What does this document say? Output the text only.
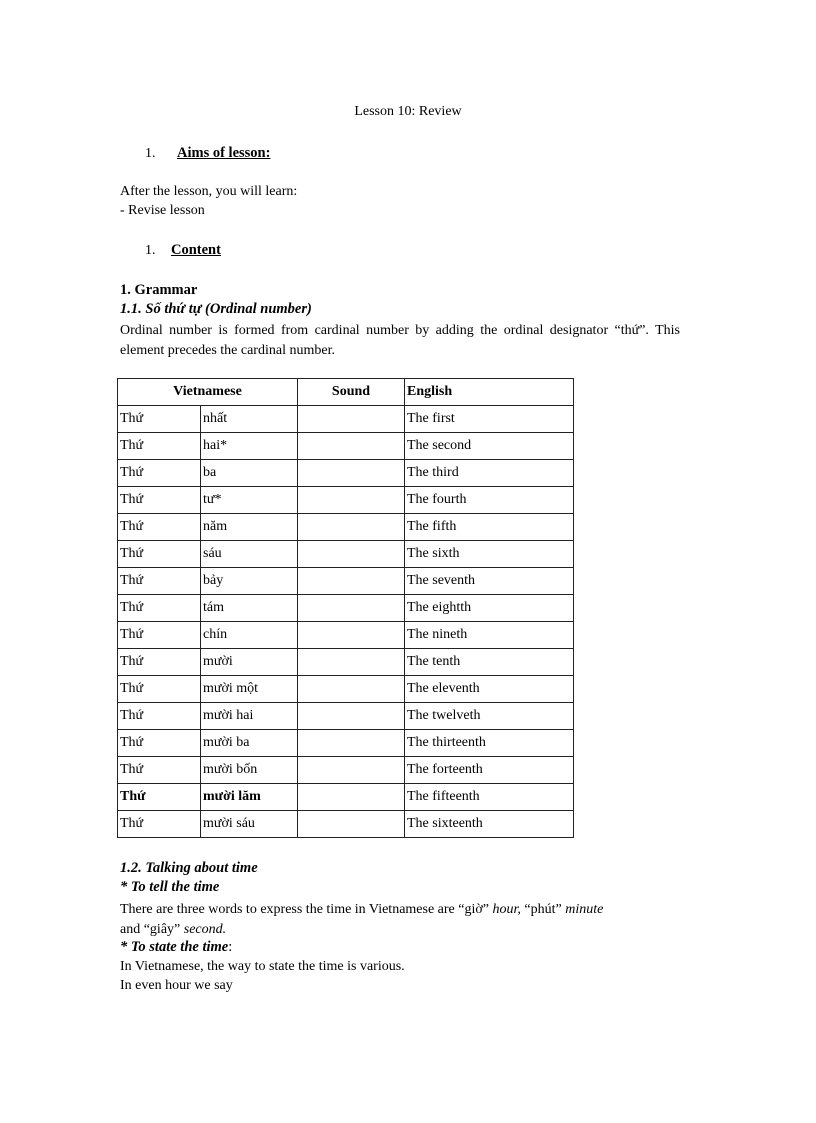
Lesson 10: Review
1. Aims of lesson:
After the lesson, you will learn:
- Revise lesson
1. Content
1. Grammar
1.1. Số thứ tự (Ordinal number)
Ordinal number is formed from cardinal number by adding the ordinal designator “thứ”. This element precedes the cardinal number.
Vietnamese		Sound	English
Thứ	nhất		The first
Thứ	hai*		The second
Thứ	ba		The third
Thứ	tư*		The fourth
Thứ	năm		The fifth
Thứ	sáu		The sixth
Thứ	bảy		The seventh
Thứ	tám		The eightth
Thứ	chín		The nineth
Thứ	mười		The tenth
Thứ	mười một		The eleventh
Thứ	mười hai		The twelveth
Thứ	mười ba		The thirteenth
Thứ	mười bốn		The forteenth
Thứ	mười lăm		The fifteenth
Thứ	mười sáu		The sixteenth
1.2. Talking about time
* To tell the time
There are three words to express the time in Vietnamese are “giờ” hour, “phút” minute
and “giây” second.
* To state the time:
In Vietnamese, the way to state the time is various.
In even hour we say
